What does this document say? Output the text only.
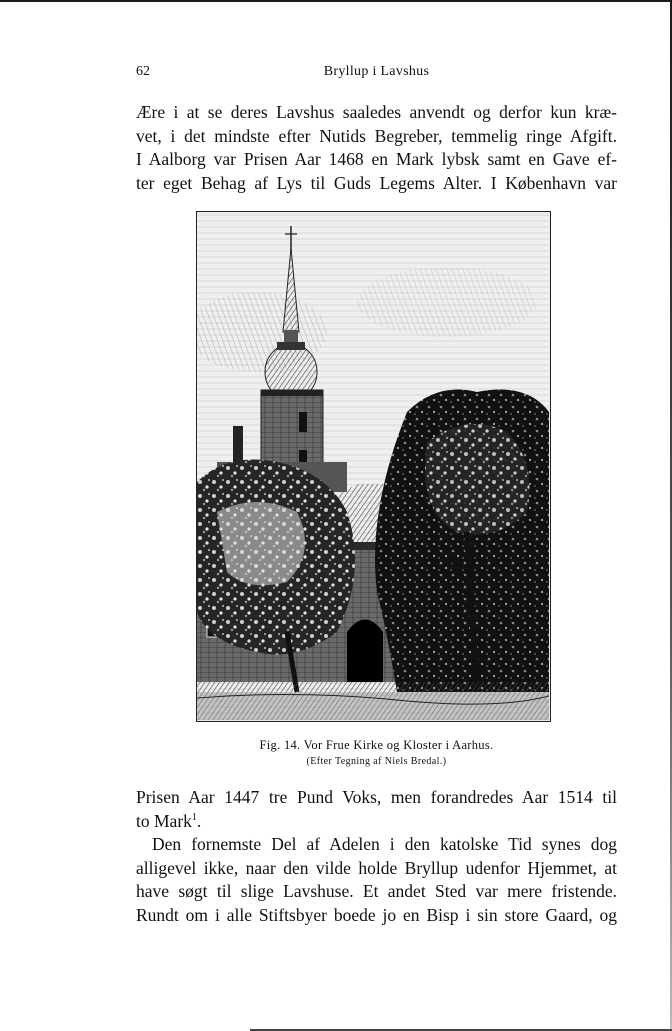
62	Bryllup i Lavshus
Ære i at se deres Lavshus saaledes anvendt og derfor kun kræ-
vet, i det mindste efter Nutids Begreber, temmelig ringe Afgift.
I Aalborg var Prisen Aar 1468 en Mark lybsk samt en Gave ef-
ter eget Behag af Lys til Guds Legems Alter. I København var
Fig. 14. Vor Frue Kirke og Kloster i Aarhus.
(Efter Tegning af Niels Bredal.)
Prisen Aar 1447 tre Pund Voks, men forandredes Aar 1514 til
to Mark$^1$.
Den fornemste Del af Adelen i den katolske Tid synes dog
alligevel ikke, naar den vilde holde Bryllup udenfor Hjemmet, at
have søgt til slige Lavshuse. Et andet Sted var mere fristende.
Rundt om i alle Stiftsbyer boede jo en Bisp i sin store Gaard, og
